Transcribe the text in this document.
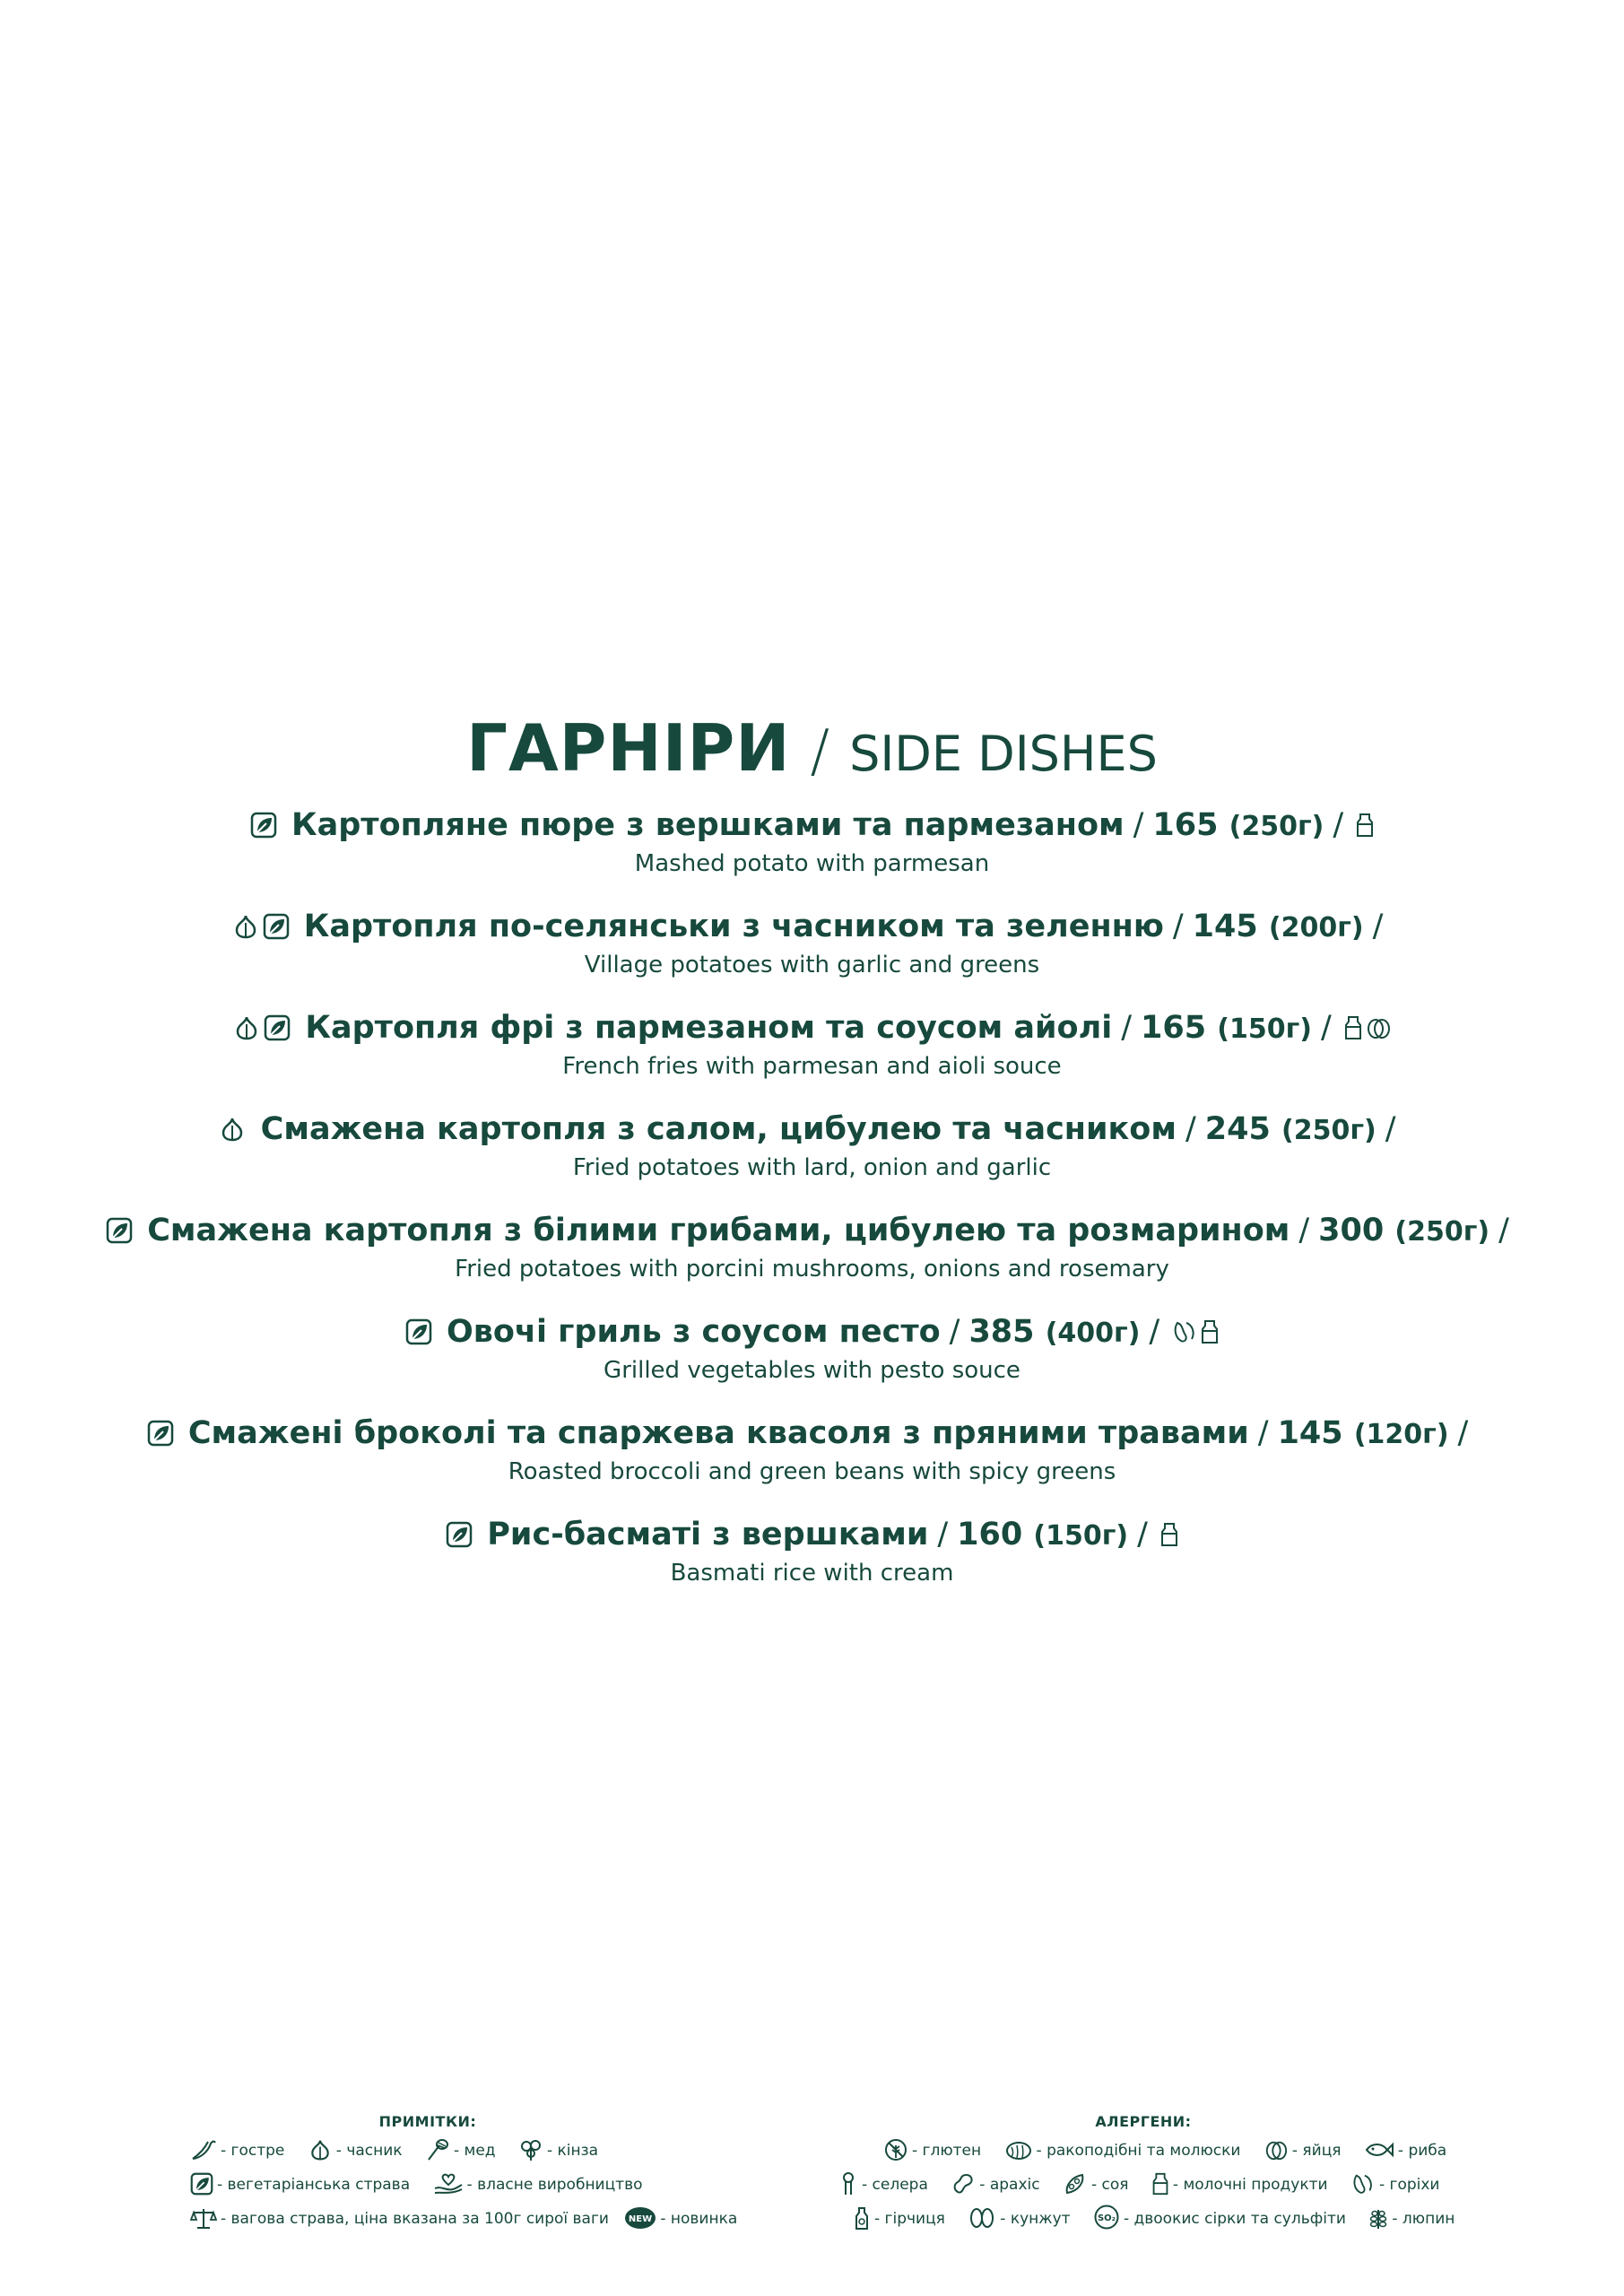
ГАРНІРИ / SIDE DISHES
Картопляне пюре з вершками та пармезаном / 165 (250г) /
Mashed potato with parmesan
Картопля по-селянськи з часником та зеленню / 145 (200г) /
Village potatoes with garlic and greens
Картопля фрі з пармезаном та соусом айолі / 165 (150г) /
French fries with parmesan and aioli souce
Смажена картопля з салом, цибулею та часником / 245 (250г) /
Fried potatoes with lard, onion and garlic
Смажена картопля з білими грибами, цибулею та розмарином / 300 (250г) /
Fried potatoes with porcini mushrooms, onions and rosemary
Овочі гриль з соусом песто / 385 (400г) /
Grilled vegetables with pesto souce
Смажені броколі та спаржева квасоля з пряними травами / 145 (120г) /
Roasted broccoli and green beans with spicy greens
Рис-басматі з вершками / 160 (150г) /
Basmati rice with cream
ПРИМІТКИ:
- гостре	- часник	- мед	- кінза
- вегетаріанська страва	- власне виробництво
- вагова страва, ціна вказана за 100г сирої ваги NEW - новинка
АЛЕРГЕНИ:
- глютен	- ракоподібні та молюски	- яйця	- риба
- селера	- арахіс	- соя	- молочні продукти	- горіхи
- гірчиця	- кунжут	SO₂ - двоокис сірки та сульфіти	- люпин
